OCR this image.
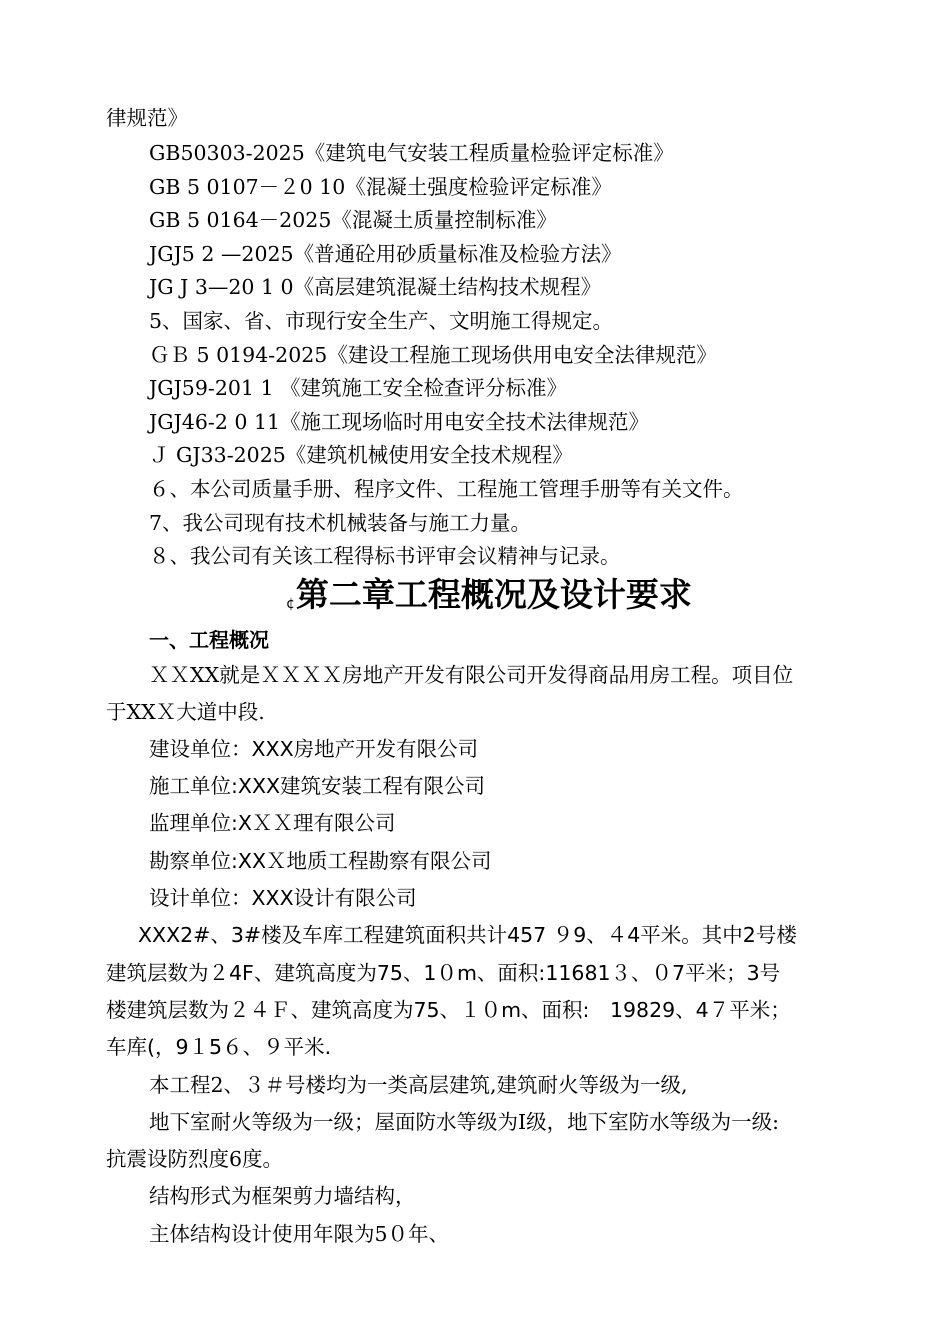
律规范》
GB50303-2025《建筑电气安装工程质量检验评定标准》
GB 5 0107－２0 10《混凝土强度检验评定标准》
GB 5 0164－2025《混凝土质量控制标准》
JGJ5 2 —2025《普通砼用砂质量标准及检验方法》
JG J 3—20 1 0《高层建筑混凝土结构技术规程》
5、国家、省、市现行安全生产、文明施工得规定。
ＧＢ 5 0194-2025《建设工程施工现场供用电安全法律规范》
JGJ59-201 1 《建筑施工安全检查评分标准》
JGJ46-2 0 11《施工现场临时用电安全技术法律规范》
Ｊ GJ33-2025《建筑机械使用安全技术规程》
６、本公司质量手册、程序文件、工程施工管理手册等有关文件。
7、我公司现有技术机械装备与施工力量。
８、我公司有关该工程得标书评审会议精神与记录。
¢第二章工程概况及设计要求
一、工程概况
ＸＸXX就是ＸＸＸＸ房地产开发有限公司开发得商品用房工程。项目位
于XXＸ大道中段.
建设单位：XXX房地产开发有限公司
施工单位:XXX建筑安装工程有限公司
监理单位:XＸＸ理有限公司
勘察单位:XXＸ地质工程勘察有限公司
设计单位：XXX设计有限公司
XXX2#、3#楼及车库工程建筑面积共计457 ９9、４4平米。其中2号楼
建筑层数为２4F、建筑高度为75、1０m、面积:11681３、０7平米；3号
楼建筑层数为２４Ｆ、建筑高度为75、１０m、面积:　19829、4７平米；
车库(，9１5６、９平米.
本工程2、３＃号楼均为一类高层建筑,建筑耐火等级为一级,
地下室耐火等级为一级；屋面防水等级为Ⅰ级，地下室防水等级为一级:
抗震设防烈度6度。
结构形式为框架剪力墙结构，
主体结构设计使用年限为5０年、
